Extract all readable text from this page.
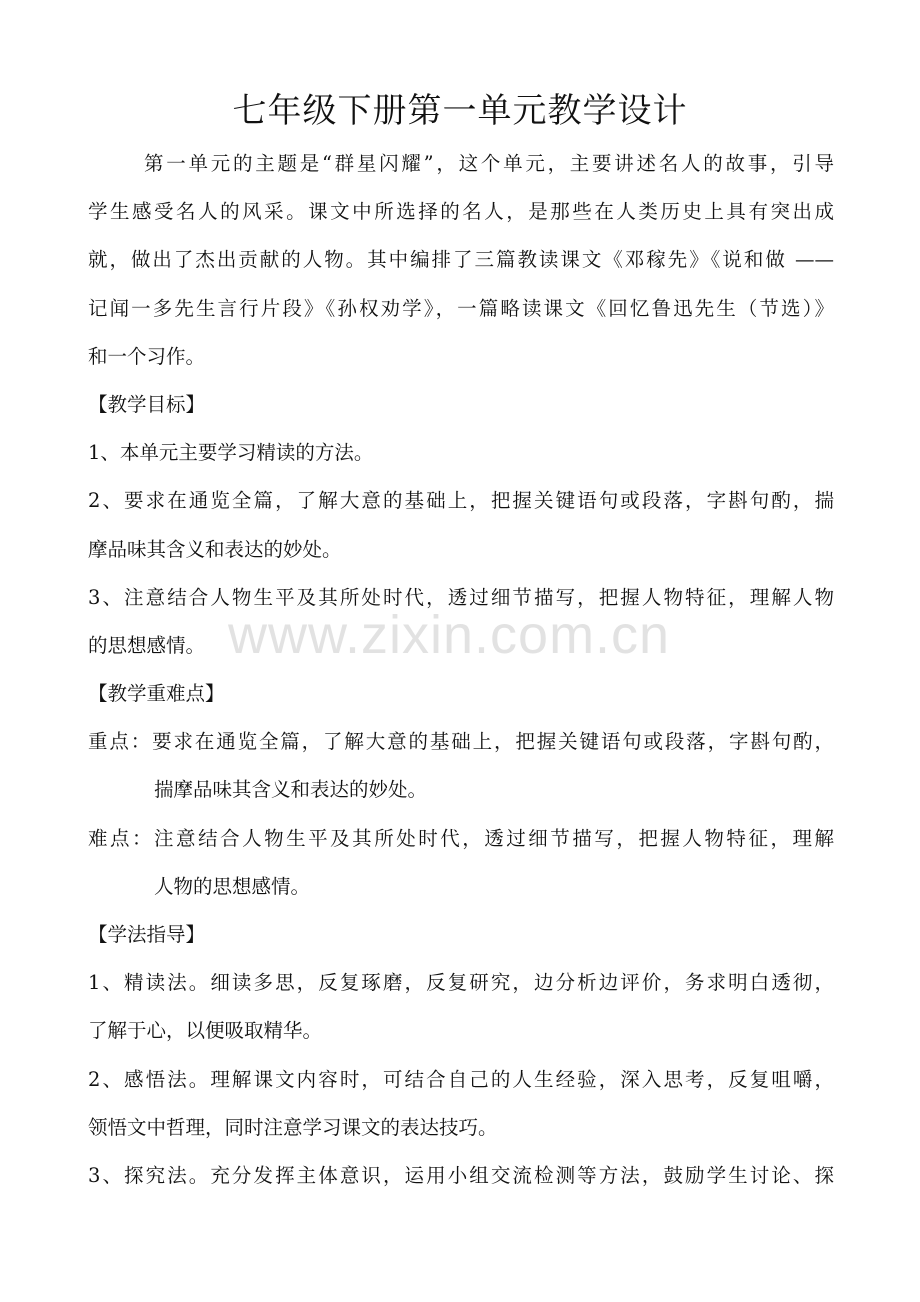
七年级下册第一单元教学设计
第一单元的主题是“群星闪耀”，这个单元，主要讲述名人的故事，引导
学生感受名人的风采。课文中所选择的名人，是那些在人类历史上具有突出成
就，做出了杰出贡献的人物。其中编排了三篇教读课文《邓稼先》《说和做 ——
记闻一多先生言行片段》《孙权劝学》，一篇略读课文《回忆鲁迅先生（节选）》
和一个习作。
【教学目标】
1、本单元主要学习精读的方法。
2、要求在通览全篇，了解大意的基础上，把握关键语句或段落，字斟句酌，揣
摩品味其含义和表达的妙处。
3、注意结合人物生平及其所处时代，透过细节描写，把握人物特征，理解人物
的思想感情。
【教学重难点】
重点：要求在通览全篇，了解大意的基础上，把握关键语句或段落，字斟句酌，
揣摩品味其含义和表达的妙处。
难点：注意结合人物生平及其所处时代，透过细节描写，把握人物特征，理解
人物的思想感情。
【学法指导】
1、精读法。细读多思，反复琢磨，反复研究，边分析边评价，务求明白透彻，
了解于心，以便吸取精华。
2、感悟法。理解课文内容时，可结合自己的人生经验，深入思考，反复咀嚼，
领悟文中哲理，同时注意学习课文的表达技巧。
3、探究法。充分发挥主体意识，运用小组交流检测等方法，鼓励学生讨论、探
www.zixin.com.cn
